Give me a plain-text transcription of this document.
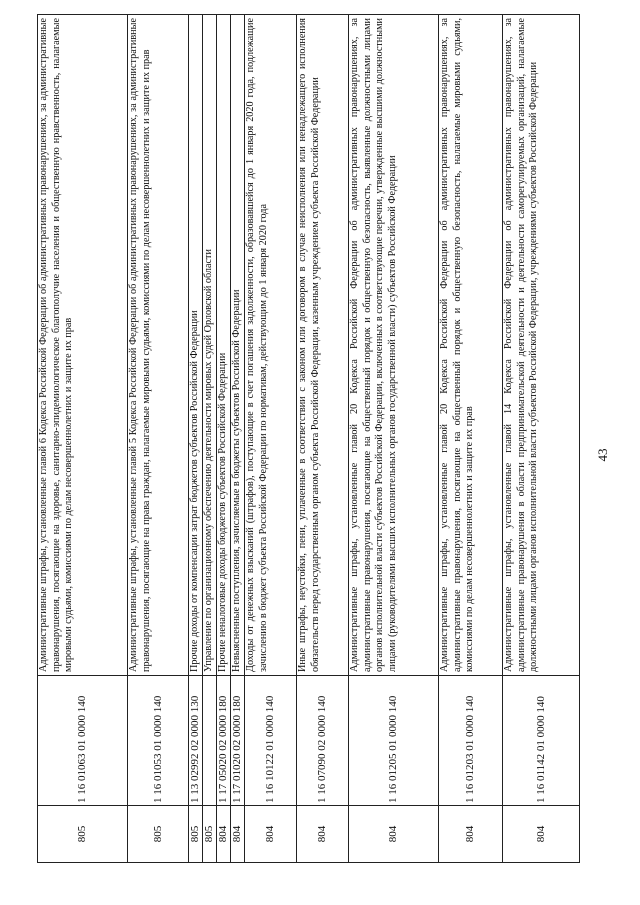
43
805	1 16 01063 01 0000 140	Административные штрафы, установленные главой 6 Кодекса Российской Федерации об административных правонарушениях, за административные правонарушения, посягающие на здоровье, санитарно-эпидемиологическое благополучие населения и общественную нравственность, налагаемые мировыми судьями, комиссиями по делам несовершеннолетних и защите их прав
805	1 16 01053 01 0000 140	Административные штрафы, установленные главой 5 Кодекса Российской Федерации об административных правонарушениях, за административные правонарушения, посягающие на права граждан, налагаемые мировыми судьями, комиссиями по делам несовершеннолетних и защите их прав
805	1 13 02992 02 0000 130	Прочие доходы от компенсации затрат бюджетов субъектов Российской Федерации
805		Управление по организационному обеспечению деятельности мировых судей Орловской области
804	1 17 05020 02 0000 180	Прочие неналоговые доходы бюджетов субъектов Российской Федерации
804	1 17 01020 02 0000 180	Невыясненные поступления, зачисляемые в бюджеты субъектов Российской Федерации
804	1 16 10122 01 0000 140	Доходы от денежных взысканий (штрафов), поступающие в счет погашения задолженности, образовавшейся до 1 января 2020 года, подлежащие зачислению в бюджет субъекта Российской Федерации по нормативам, действующим до 1 января 2020 года
804	1 16 07090 02 0000 140	Иные штрафы, неустойки, пени, уплаченные в соответствии с законом или договором в случае неисполнения или ненадлежащего исполнения обязательств перед государственным органом субъекта Российской Федерации, казенным учреждением субъекта Российской Федерации
804	1 16 01205 01 0000 140	Административные штрафы, установленные главой 20 Кодекса Российской Федерации об административных правонарушениях, за административные правонарушения, посягающие на общественный порядок и общественную безопасность, выявленные должностными лицами органов исполнительной власти субъектов Российской Федерации, включенных в соответствующие перечни, утвержденные высшими должностными лицами (руководителями высших исполнительных органов государственной власти) субъектов Российской Федерации
804	1 16 01203 01 0000 140	Административные штрафы, установленные главой 20 Кодекса Российской Федерации об административных правонарушениях, за административные правонарушения, посягающие на общественный порядок и общественную безопасность, налагаемые мировыми судьями, комиссиями по делам несовершеннолетних и защите их прав
804	1 16 01142 01 0000 140	Административные штрафы, установленные главой 14 Кодекса Российской Федерации об административных правонарушениях, за административные правонарушения в области предпринимательской деятельности и деятельности саморегулируемых организаций, налагаемые должностными лицами органов исполнительной власти субъектов Российской Федерации, учреждениями субъектов Российской Федерации
